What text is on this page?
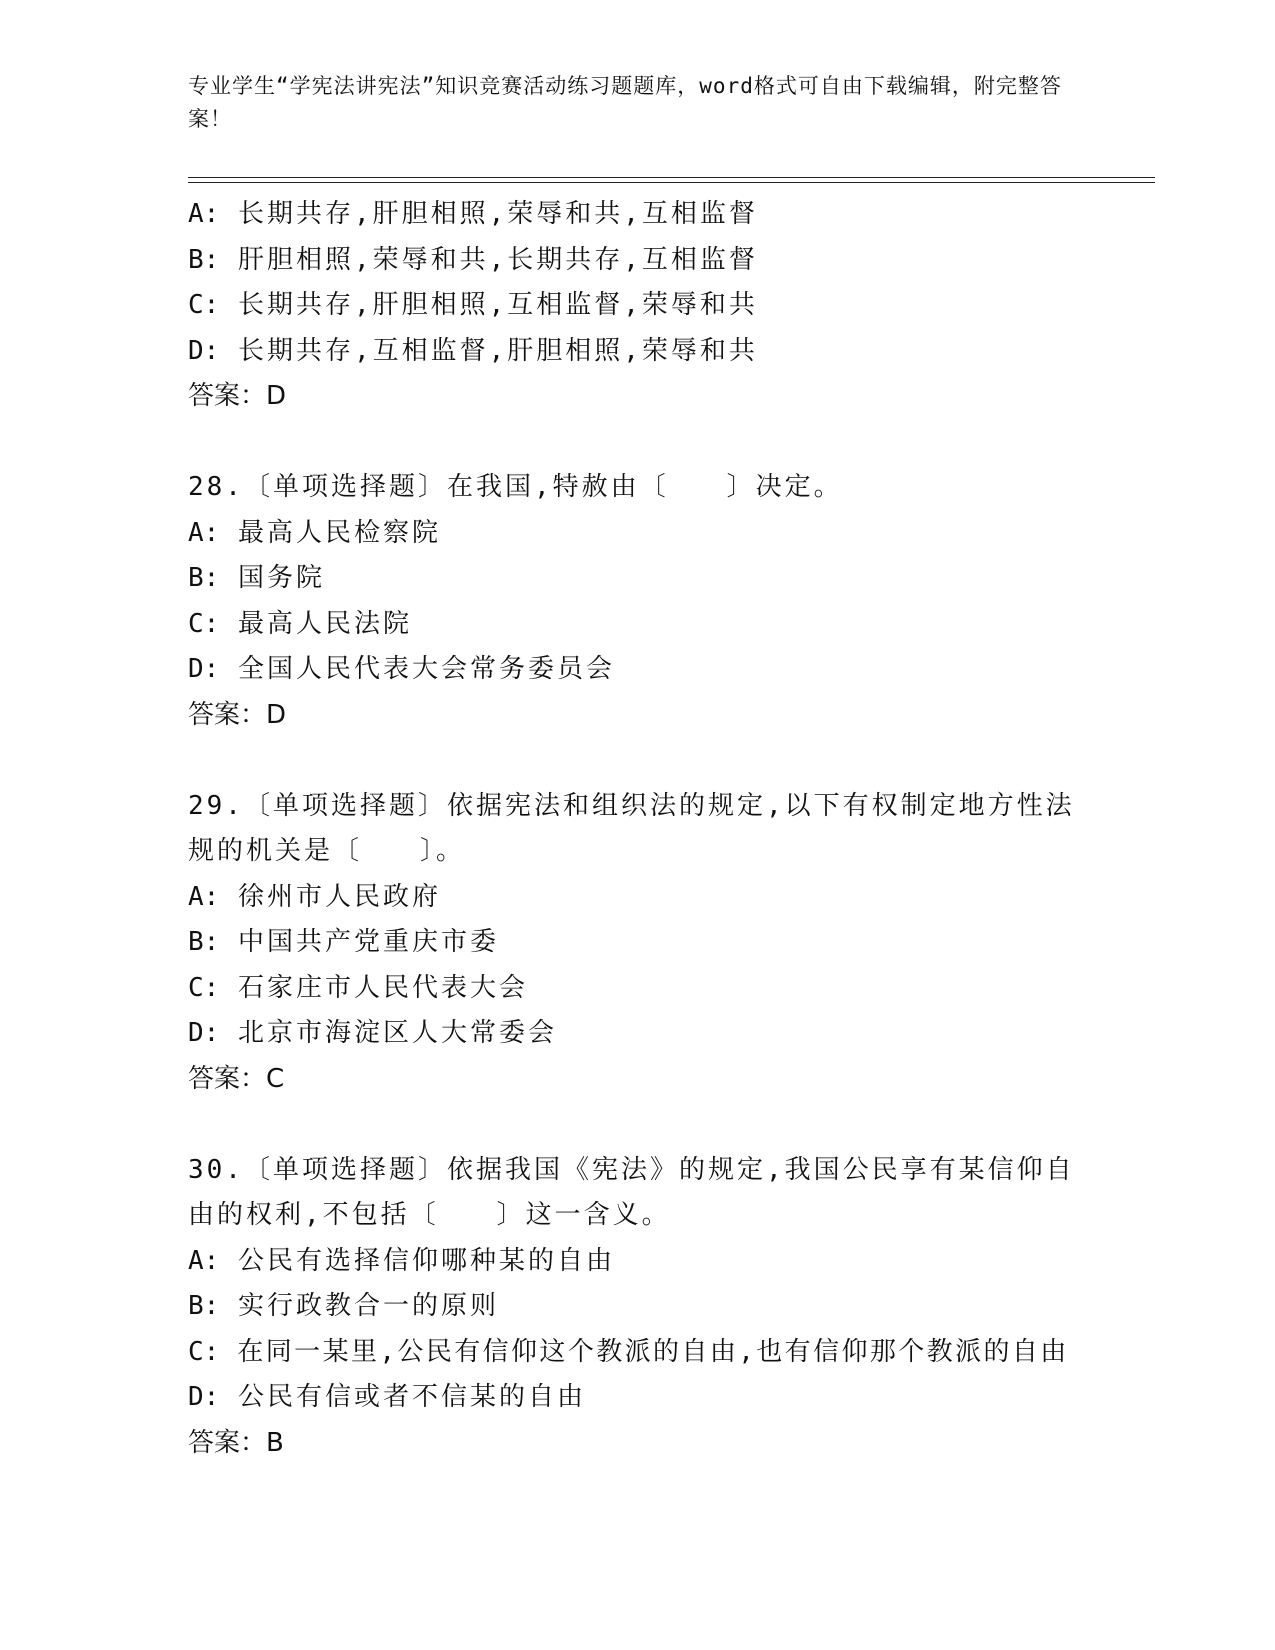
专业学生“学宪法讲宪法”知识竞赛活动练习题题库，word格式可自由下载编辑，附完整答案！
A: 长期共存,肝胆相照,荣辱和共,互相监督
B: 肝胆相照,荣辱和共,长期共存,互相监督
C: 长期共存,肝胆相照,互相监督,荣辱和共
D: 长期共存,互相监督,肝胆相照,荣辱和共
答案：D
28.〔单项选择题〕在我国,特赦由〔　　〕决定。
A: 最高人民检察院
B: 国务院
C: 最高人民法院
D: 全国人民代表大会常务委员会
答案：D
29.〔单项选择题〕依据宪法和组织法的规定,以下有权制定地方性法
规的机关是〔　　〕。
A: 徐州市人民政府
B: 中国共产党重庆市委
C: 石家庄市人民代表大会
D: 北京市海淀区人大常委会
答案：C
30.〔单项选择题〕依据我国《宪法》的规定,我国公民享有某信仰自
由的权利,不包括〔　　〕这一含义。
A: 公民有选择信仰哪种某的自由
B: 实行政教合一的原则
C: 在同一某里,公民有信仰这个教派的自由,也有信仰那个教派的自由
D: 公民有信或者不信某的自由
答案：B
